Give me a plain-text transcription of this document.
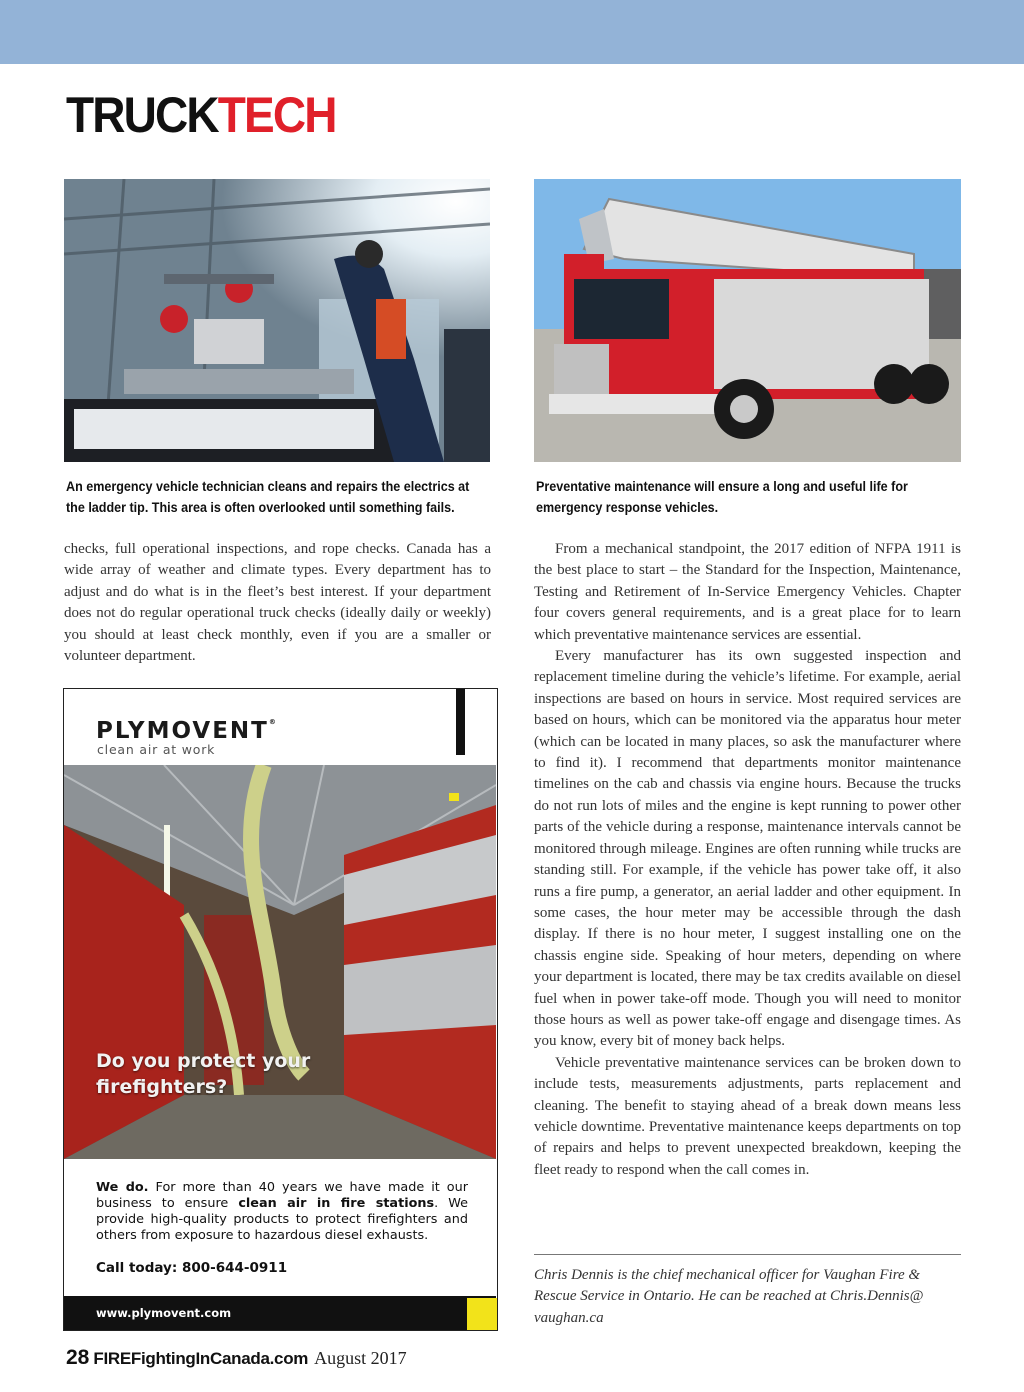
TRUCKTECH
An emergency vehicle technician cleans and repairs the electrics at the ladder tip. This area is often overlooked until something fails.
Preventative maintenance will ensure a long and useful life for emergency response vehicles.

checks, full operational inspections, and rope checks. Canada has a wide array of weather and climate types. Every department has to adjust and do what is in the fleet’s best interest. If your department does not do regular operational truck checks (ideally daily or weekly) you should at least check monthly, even if you are a smaller or volunteer department.

From a mechanical standpoint, the 2017 edition of NFPA 1911 is the best place to start – the Standard for the Inspection, Maintenance, Testing and Retirement of In-Service Emergency Vehicles. Chapter four covers general requirements, and is a great place for to learn which preventative maintenance services are essential.

Every manufacturer has its own suggested inspection and replacement timeline during the vehicle’s lifetime. For example, aerial inspections are based on hours in service. Most required services are based on hours, which can be monitored via the apparatus hour meter (which can be located in many places, so ask the manufacturer where to find it). I recommend that departments monitor maintenance timelines on the cab and chassis via engine hours. Because the trucks do not run lots of miles and the engine is kept running to power other parts of the vehicle during a response, maintenance intervals cannot be monitored through mileage. Engines are often running while trucks are standing still. For example, if the vehicle has power take off, it also runs a fire pump, a generator, an aerial ladder and other equipment. In some cases, the hour meter may be accessible through the dash display. If there is no hour meter, I suggest installing one on the chassis engine side. Speaking of hour meters, depending on where your department is located, there may be tax credits available on diesel fuel when in power take-off mode. Though you will need to monitor those hours as well as power take-off engage and disengage times. As you know, every bit of money back helps.

Vehicle preventative maintenance services can be broken down to include tests, measurements adjustments, parts replacement and cleaning. The benefit to staying ahead of a break down means less vehicle downtime. Preventative maintenance keeps departments on top of repairs and helps to prevent unexpected breakdown, keeping the fleet ready to respond when the call comes in.

Chris Dennis is the chief mechanical officer for Vaughan Fire & Rescue Service in Ontario. He can be reached at Chris.Dennis@ vaughan.ca
PLYMOVENT®
clean air at work
Do you protect your firefighters?
We do. For more than 40 years we have made it our business to ensure clean air in fire stations. We provide high-quality products to protect firefighters and others from exposure to hazardous diesel exhausts.
Call today: 800-644-0911
www.plymovent.com
28 FIREFightingInCanada.com August 2017
